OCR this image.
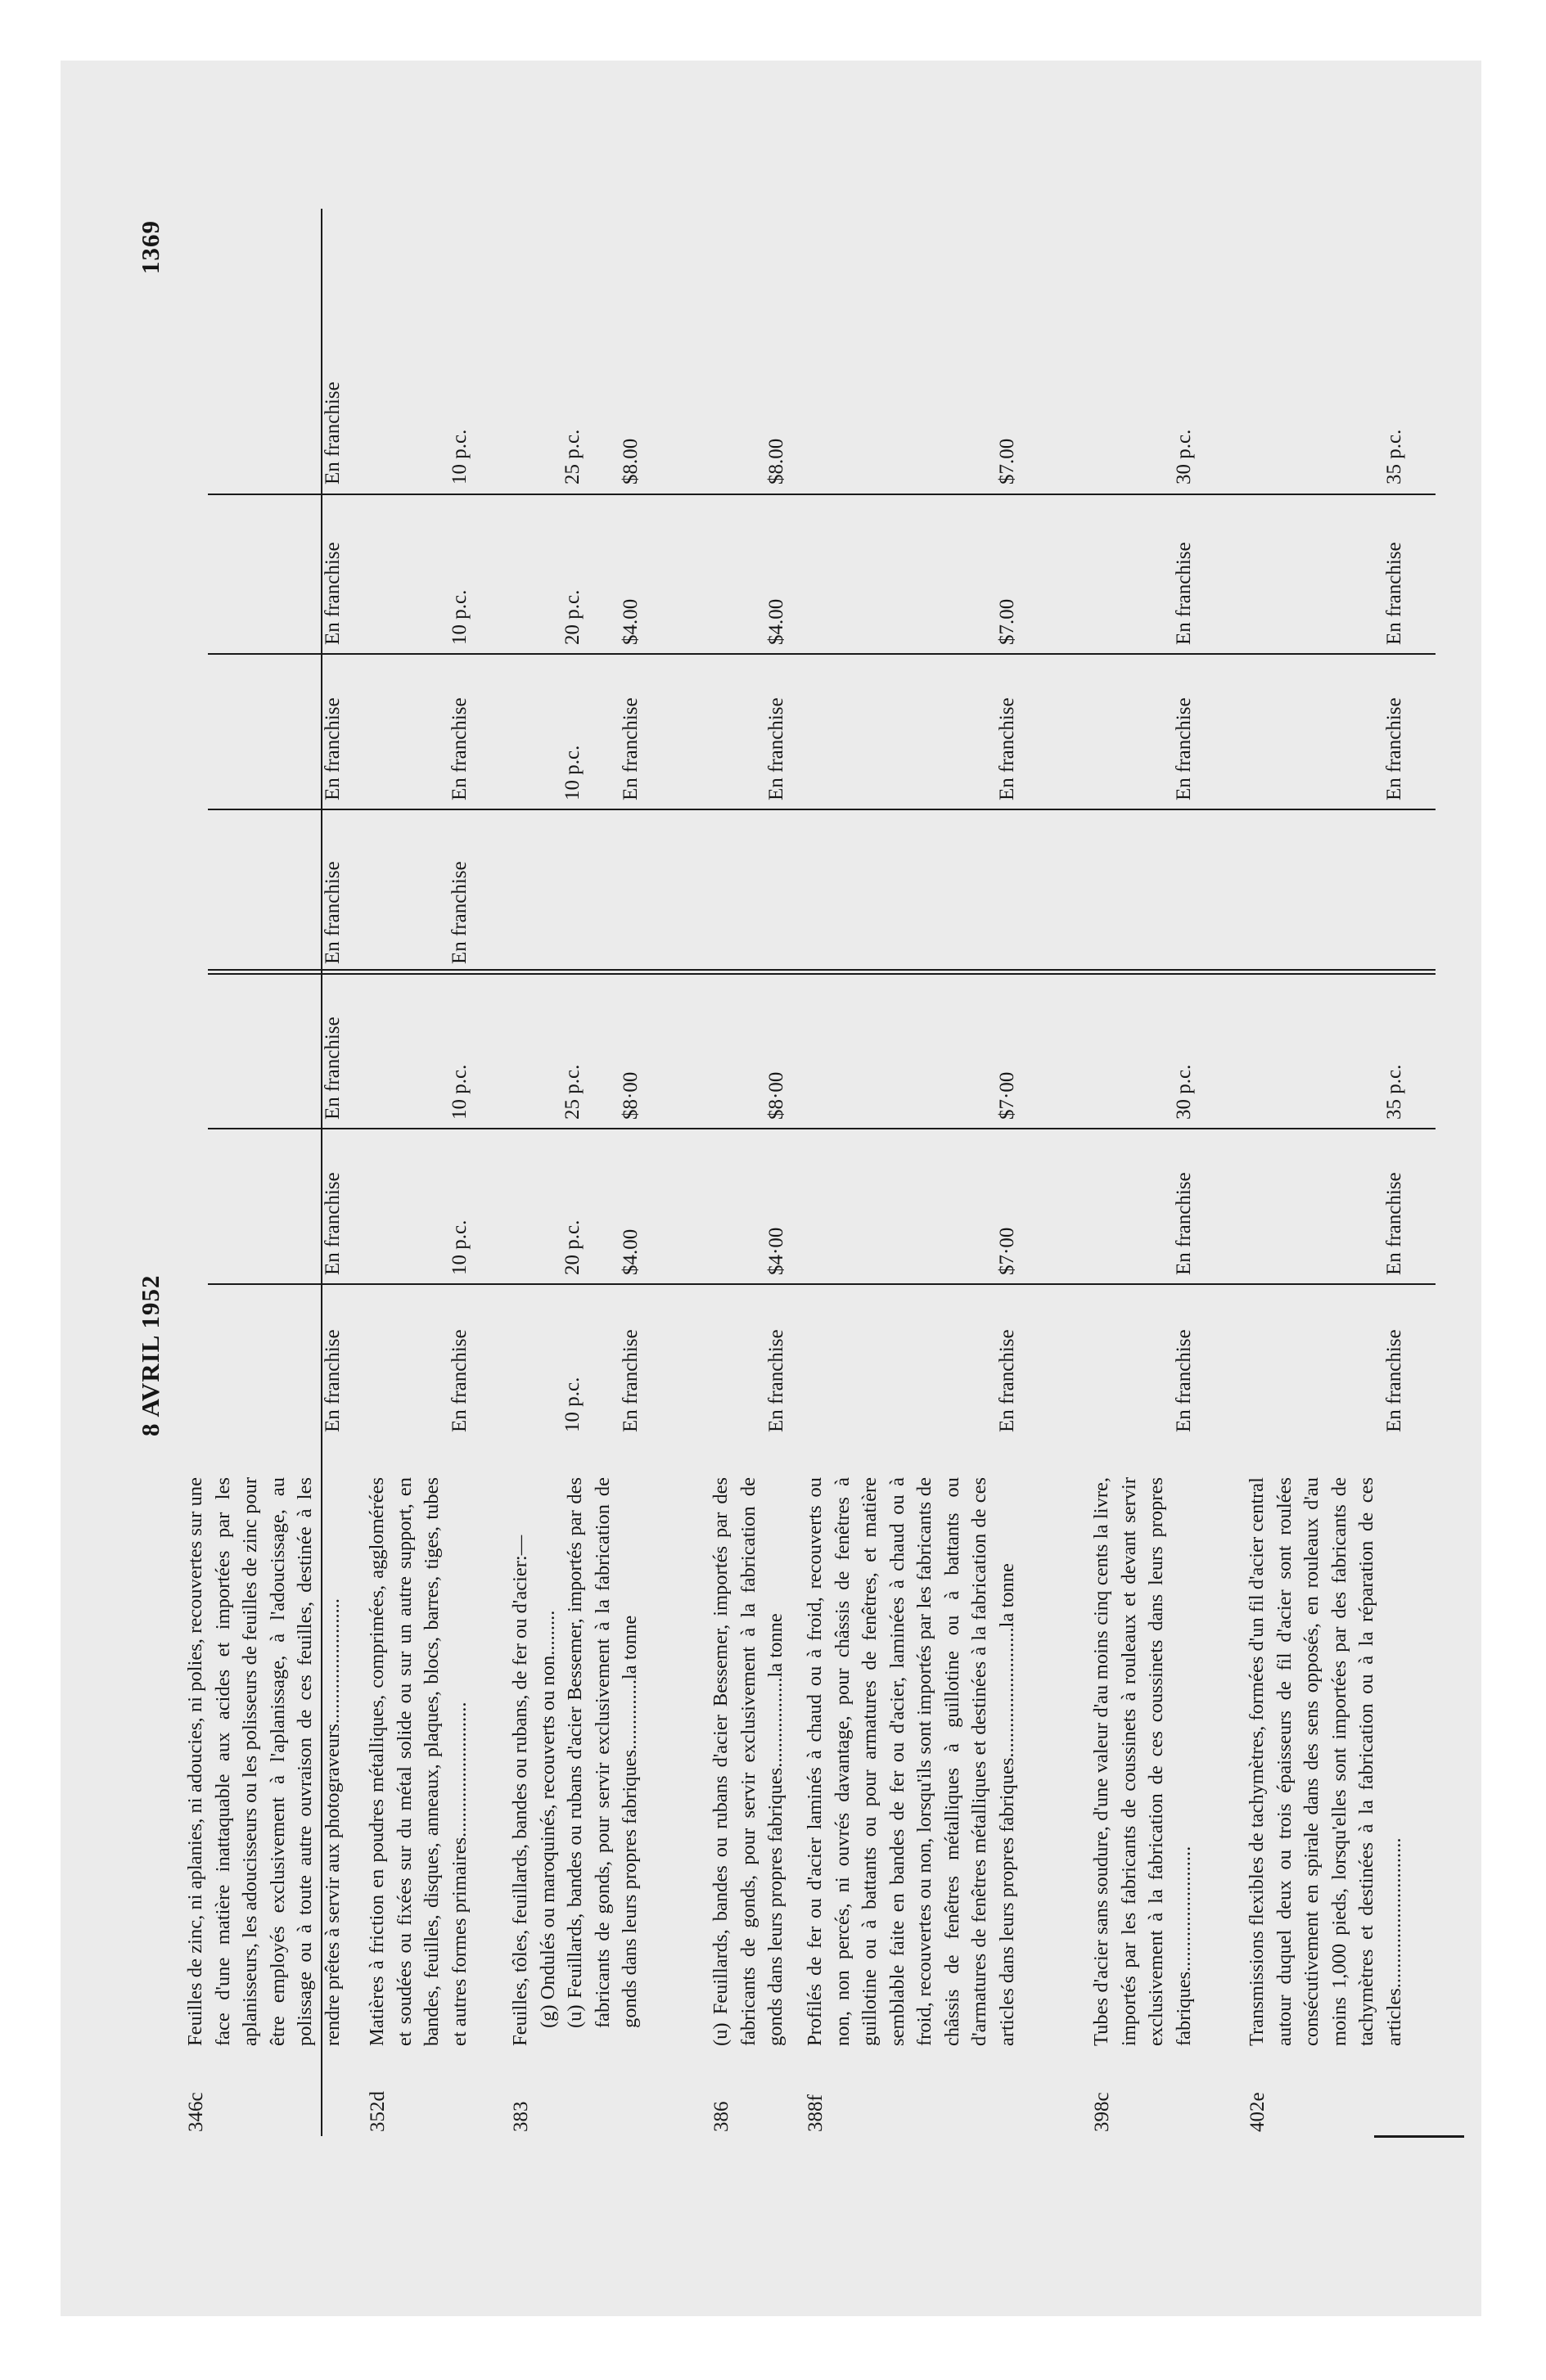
8 AVRIL 1952
1369
346c

Feuilles de zinc, ni aplanies, ni adoucies, ni polies, recouvertes sur une face d'une matière inattaquable aux acides et importées par les aplanisseurs, les adoucisseurs ou les polisseurs de feuilles de zinc pour être employés exclusivement à l'aplanissage, à l'adoucissage, au polissage ou à toute autre ouvraison de ces feuilles, destinée à les rendre prêtes à servir aux photograveurs.........................

En franchise
En franchise
En franchise
En franchise
En franchise
En franchise
En franchise
352d

Matières à friction en poudres métalliques, comprimées, agglomérées et soudées ou fixées sur du métal solide ou sur un autre support, en bandes, feuilles, disques, anneaux, plaques, blocs, barres, tiges, tubes et autres formes primaires...........................

En franchise
10 p.c.
10 p.c.
En franchise
En franchise
10 p.c.
10 p.c.
383

Feuilles, tôles, feuillards, bandes ou rubans, de fer ou d'acier:— (g) Ondulés ou maroquinés, recouverts ou non......... (u) Feuillards, bandes ou rubans d'acier Bessemer, importés par des fabricants de gonds, pour servir exclusivement à la fabrication de gonds dans leurs propres fabriques..............la tonne

10 p.c.
20 p.c.
25 p.c.
10 p.c.
20 p.c.
25 p.c.
En franchise
$4.00
$8·00
En franchise
$4.00
$8.00
386

(u) Feuillards, bandes ou rubans d'acier Bessemer, importés par des fabricants de gonds, pour servir exclusivement à la fabrication de gonds dans leurs propres fabriques..................la tonne

En franchise
$4·00
$8·00
En franchise
$4.00
$8.00
388f

Profilés de fer ou d'acier laminés à chaud ou à froid, recouverts ou non, non percés, ni ouvrés davantage, pour châssis de fenêtres à guillotine ou à battants ou pour armatures de fenêtres, et matière semblable faite en bandes de fer ou d'acier, laminées à chaud ou à froid, recouvertes ou non, lorsqu'ils sont importés par les fabricants de châssis de fenêtres métalliques à guillotine ou à battants ou d'armatures de fenêtres métalliques et destinées à la fabrication de ces articles dans leurs propres fabriques..........................la tonne

En franchise
$7·00
$7·00
En franchise
$7.00
$7.00
398c

Tubes d'acier sans soudure, d'une valeur d'au moins cinq cents la livre, importés par les fabricants de coussinets à rouleaux et devant servir exclusivement à la fabrication de ces coussinets dans leurs propres fabriques.........................

En franchise
En franchise
30 p.c.
En franchise
En franchise
30 p.c.
402e

Transmissions flexibles de tachymètres, formées d'un fil d'acier central autour duquel deux ou trois épaisseurs de fil d'acier sont roulées consécutivement en spirale dans des sens opposés, en rouleaux d'au moins 1,000 pieds, lorsqu'elles sont importées par des fabricants de tachymètres et destinées à la fabrication ou à la réparation de ces articles..............................

En franchise
En franchise
35 p.c.
En franchise
En franchise
35 p.c.
